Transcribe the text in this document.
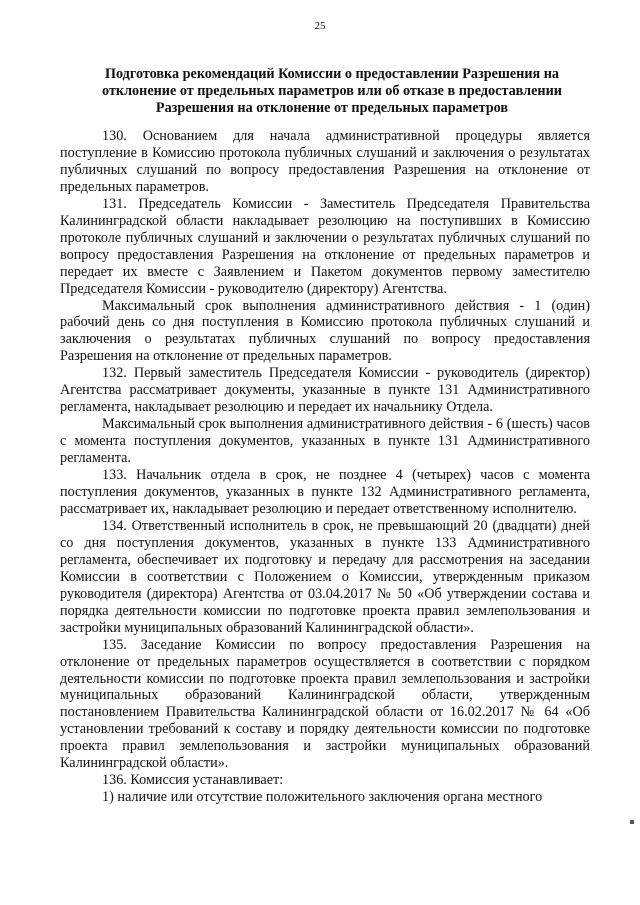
25
Подготовка рекомендаций Комиссии о предоставлении Разрешения на отклонение от предельных параметров или об отказе в предоставлении Разрешения на отклонение от предельных параметров

130. Основанием для начала административной процедуры является поступление в Комиссию протокола публичных слушаний и заключения о результатах публичных слушаний по вопросу предоставления Разрешения на отклонение от предельных параметров.

131. Председатель Комиссии - Заместитель Председателя Правительства Калининградской области накладывает резолюцию на поступивших в Комиссию протоколе публичных слушаний и заключении о результатах публичных слушаний по вопросу предоставления Разрешения на отклонение от предельных параметров и передает их вместе с Заявлением и Пакетом документов первому заместителю Председателя Комиссии - руководителю (директору) Агентства.

Максимальный срок выполнения административного действия - 1 (один) рабочий день со дня поступления в Комиссию протокола публичных слушаний и заключения о результатах публичных слушаний по вопросу предоставления Разрешения на отклонение от предельных параметров.

132. Первый заместитель Председателя Комиссии - руководитель (директор) Агентства рассматривает документы, указанные в пункте 131 Административного регламента, накладывает резолюцию и передает их начальнику Отдела.

Максимальный срок выполнения административного действия - 6 (шесть) часов с момента поступления документов, указанных в пункте 131 Административного регламента.

133. Начальник отдела в срок, не позднее 4 (четырех) часов с момента поступления документов, указанных в пункте 132 Административного регламента, рассматривает их, накладывает резолюцию и передает ответственному исполнителю.

134. Ответственный исполнитель в срок, не превышающий 20 (двадцати) дней со дня поступления документов, указанных в пункте 133 Административного регламента, обеспечивает их подготовку и передачу для рассмотрения на заседании Комиссии в соответствии с Положением о Комиссии, утвержденным приказом руководителя (директора) Агентства от 03.04.2017 № 50 «Об утверждении состава и порядка деятельности комиссии по подготовке проекта правил землепользования и застройки муниципальных образований Калининградской области».

135. Заседание Комиссии по вопросу предоставления Разрешения на отклонение от предельных параметров осуществляется в соответствии с порядком деятельности комиссии по подготовке проекта правил землепользования и застройки муниципальных образований Калининградской области, утвержденным постановлением Правительства Калининградской области от 16.02.2017 № 64 «Об установлении требований к составу и порядку деятельности комиссии по подготовке проекта правил землепользования и застройки муниципальных образований Калининградской области».

136. Комиссия устанавливает:

1) наличие или отсутствие положительного заключения органа местного
